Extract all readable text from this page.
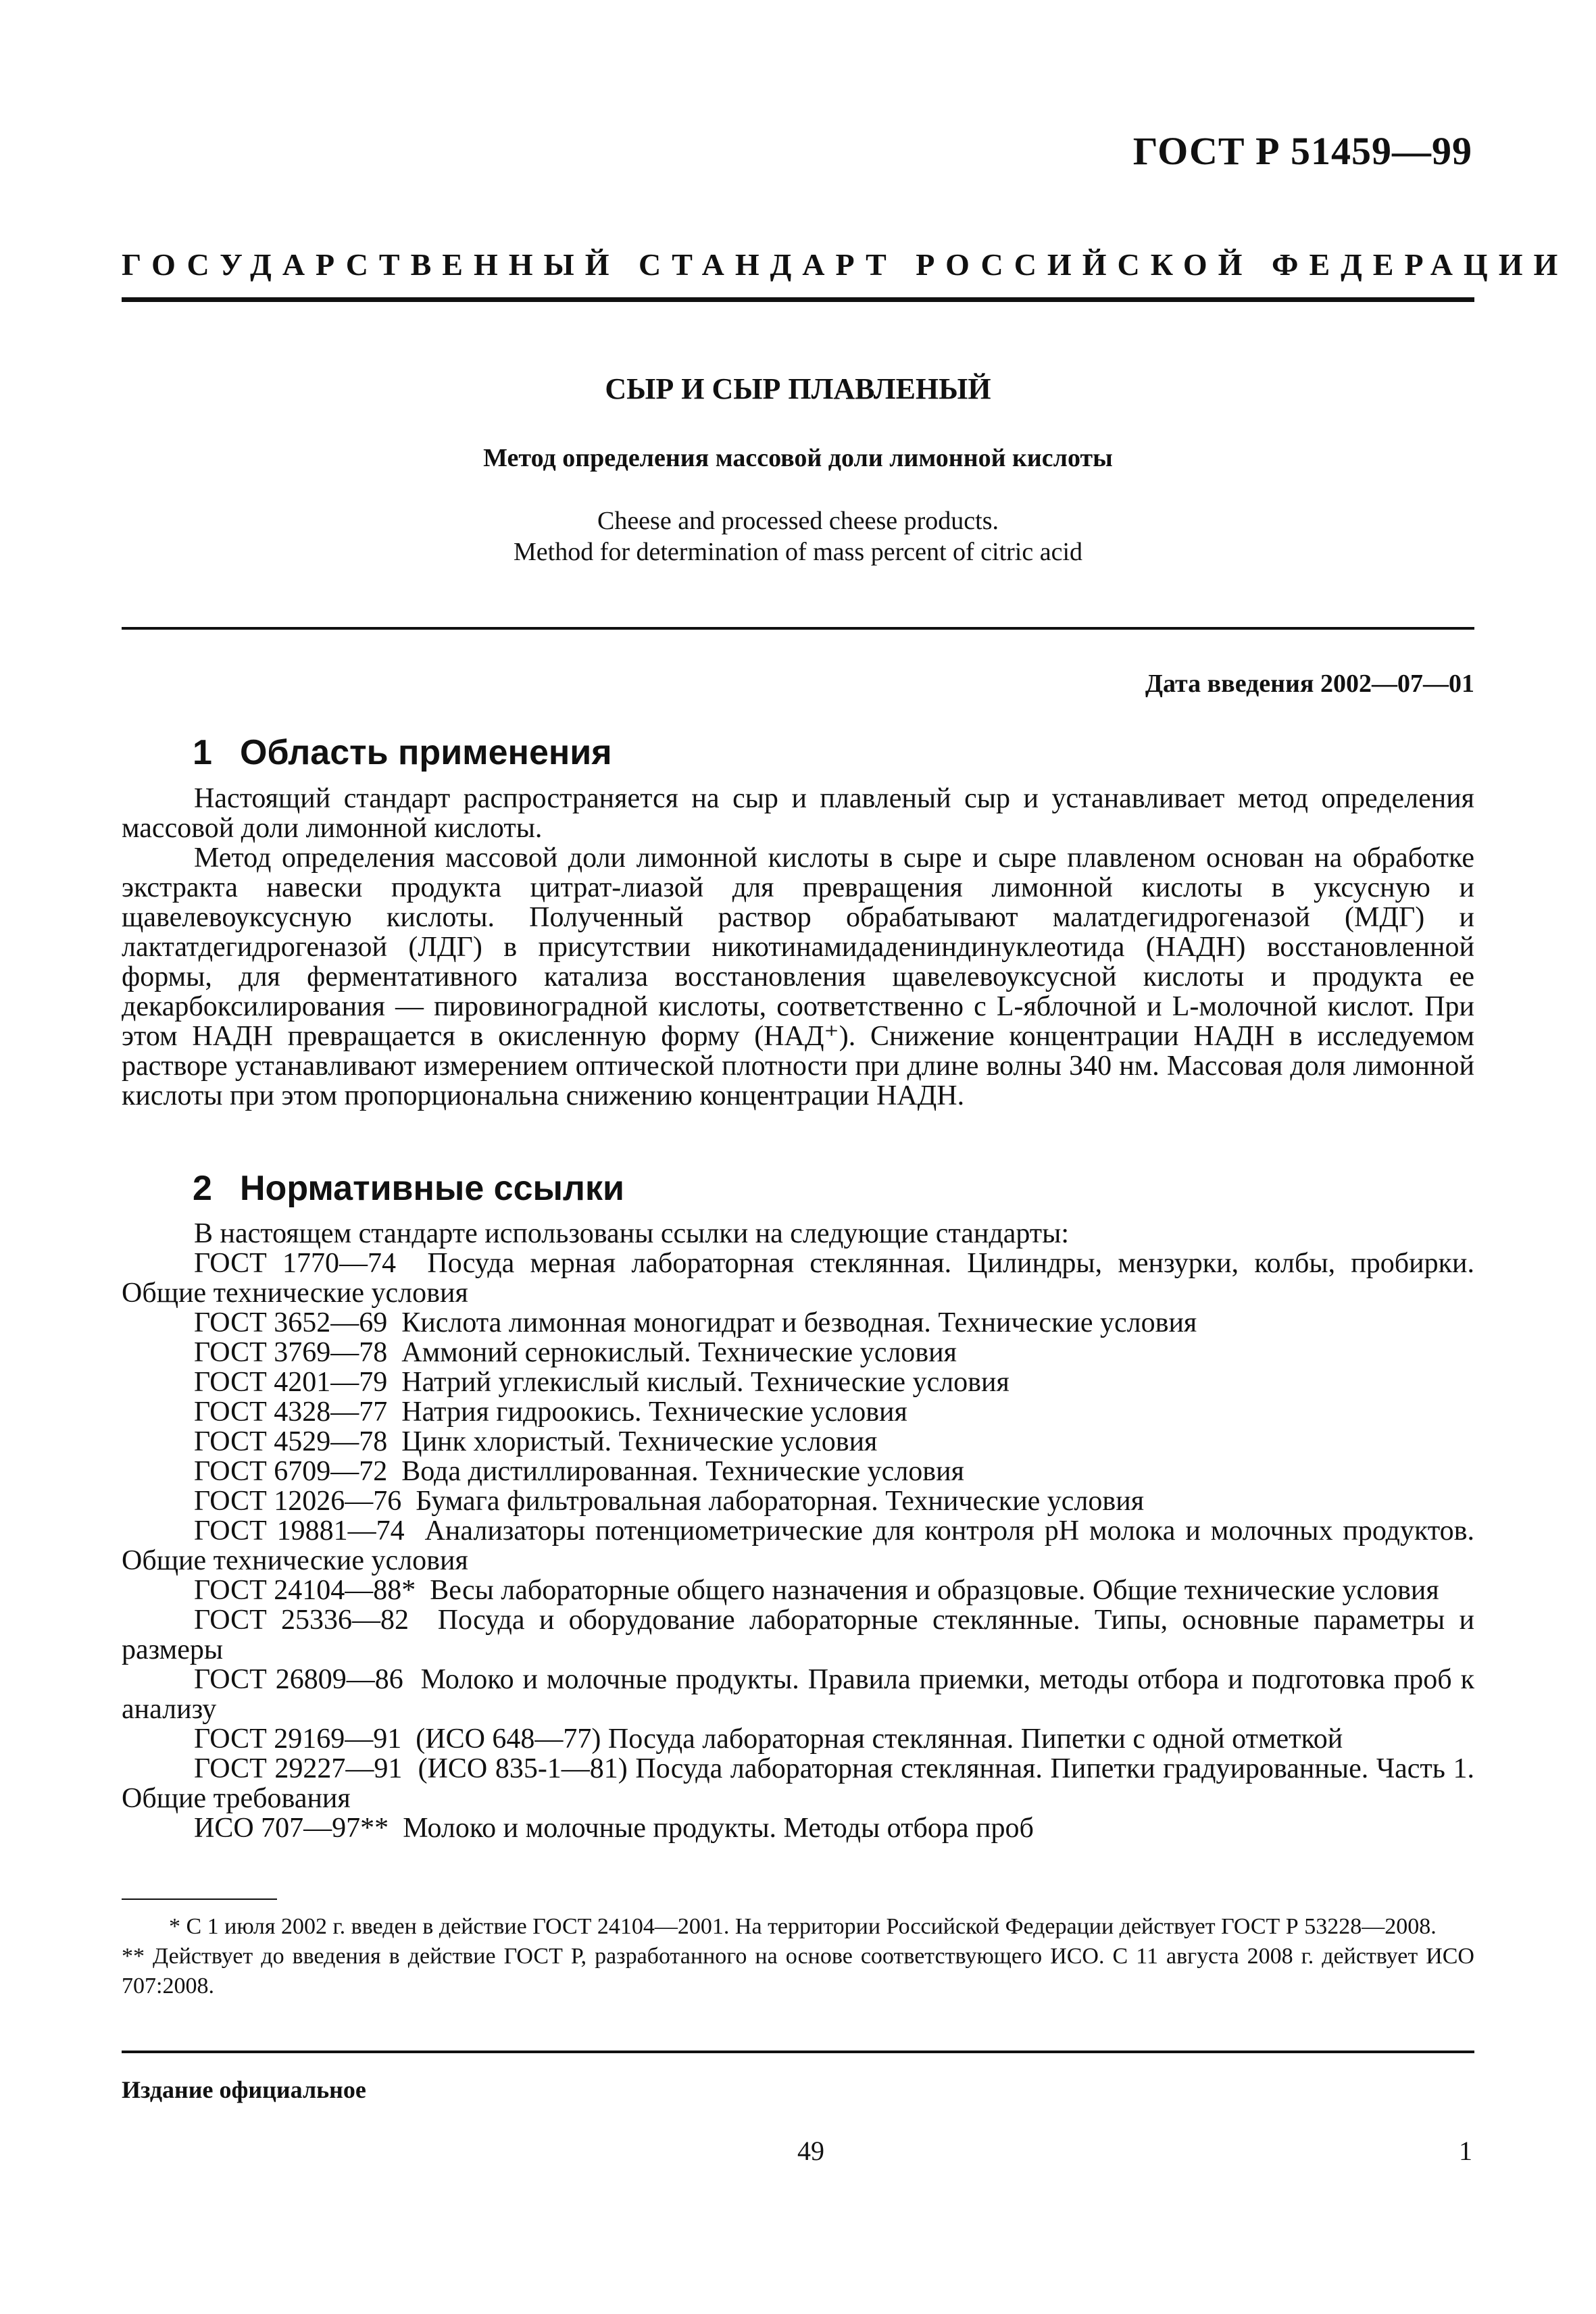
ГОСТ Р 51459—99
ГОСУДАРСТВЕННЫЙ СТАНДАРТ РОССИЙСКОЙ ФЕДЕРАЦИИ
СЫР И СЫР ПЛАВЛЕНЫЙ
Метод определения массовой доли лимонной кислоты
Cheese and processed cheese products.
Method for determination of mass percent of citric acid
Дата введения 2002—07—01
1 Область применения

Настоящий стандарт распространяется на сыр и плавленый сыр и устанавливает метод определения массовой доли лимонной кислоты.

Метод определения массовой доли лимонной кислоты в сыре и сыре плавленом основан на обработке экстракта навески продукта цитрат-лиазой для превращения лимонной кислоты в уксусную и щавелевоуксусную кислоты. Полученный раствор обрабатывают малатдегидрогеназой (МДГ) и лактатдегидрогеназой (ЛДГ) в присутствии никотинамидадениндинуклеотида (НАДН) восстановленной формы, для ферментативного катализа восстановления щавелевоуксусной кислоты и продукта ее декарбоксилирования — пировиноградной кислоты, соответственно с L-яблочной и L-молочной кислот. При этом НАДН превращается в окисленную форму (НАД⁺). Снижение концентрации НАДН в исследуемом растворе устанавливают измерением оптической плотности при длине волны 340 нм. Массовая доля лимонной кислоты при этом пропорциональна снижению концентрации НАДН.

2 Нормативные ссылки

В настоящем стандарте использованы ссылки на следующие стандарты:

ГОСТ 1770—74 Посуда мерная лабораторная стеклянная. Цилиндры, мензурки, колбы, пробирки. Общие технические условия

ГОСТ 3652—69 Кислота лимонная моногидрат и безводная. Технические условия

ГОСТ 3769—78 Аммоний сернокислый. Технические условия

ГОСТ 4201—79 Натрий углекислый кислый. Технические условия

ГОСТ 4328—77 Натрия гидроокись. Технические условия

ГОСТ 4529—78 Цинк хлористый. Технические условия

ГОСТ 6709—72 Вода дистиллированная. Технические условия

ГОСТ 12026—76 Бумага фильтровальная лабораторная. Технические условия

ГОСТ 19881—74 Анализаторы потенциометрические для контроля pH молока и молочных продуктов. Общие технические условия

ГОСТ 24104—88* Весы лабораторные общего назначения и образцовые. Общие технические условия

ГОСТ 25336—82 Посуда и оборудование лабораторные стеклянные. Типы, основные параметры и размеры

ГОСТ 26809—86 Молоко и молочные продукты. Правила приемки, методы отбора и подготовка проб к анализу

ГОСТ 29169—91 (ИСО 648—77) Посуда лабораторная стеклянная. Пипетки с одной отметкой

ГОСТ 29227—91 (ИСО 835-1—81) Посуда лабораторная стеклянная. Пипетки градуированные. Часть 1. Общие требования

ИСО 707—97** Молоко и молочные продукты. Методы отбора проб

* С 1 июля 2002 г. введен в действие ГОСТ 24104—2001. На территории Российской Федерации действует ГОСТ Р 53228—2008.

** Действует до введения в действие ГОСТ Р, разработанного на основе соответствующего ИСО. С 11 августа 2008 г. действует ИСО 707:2008.

Издание официальное
49	1
